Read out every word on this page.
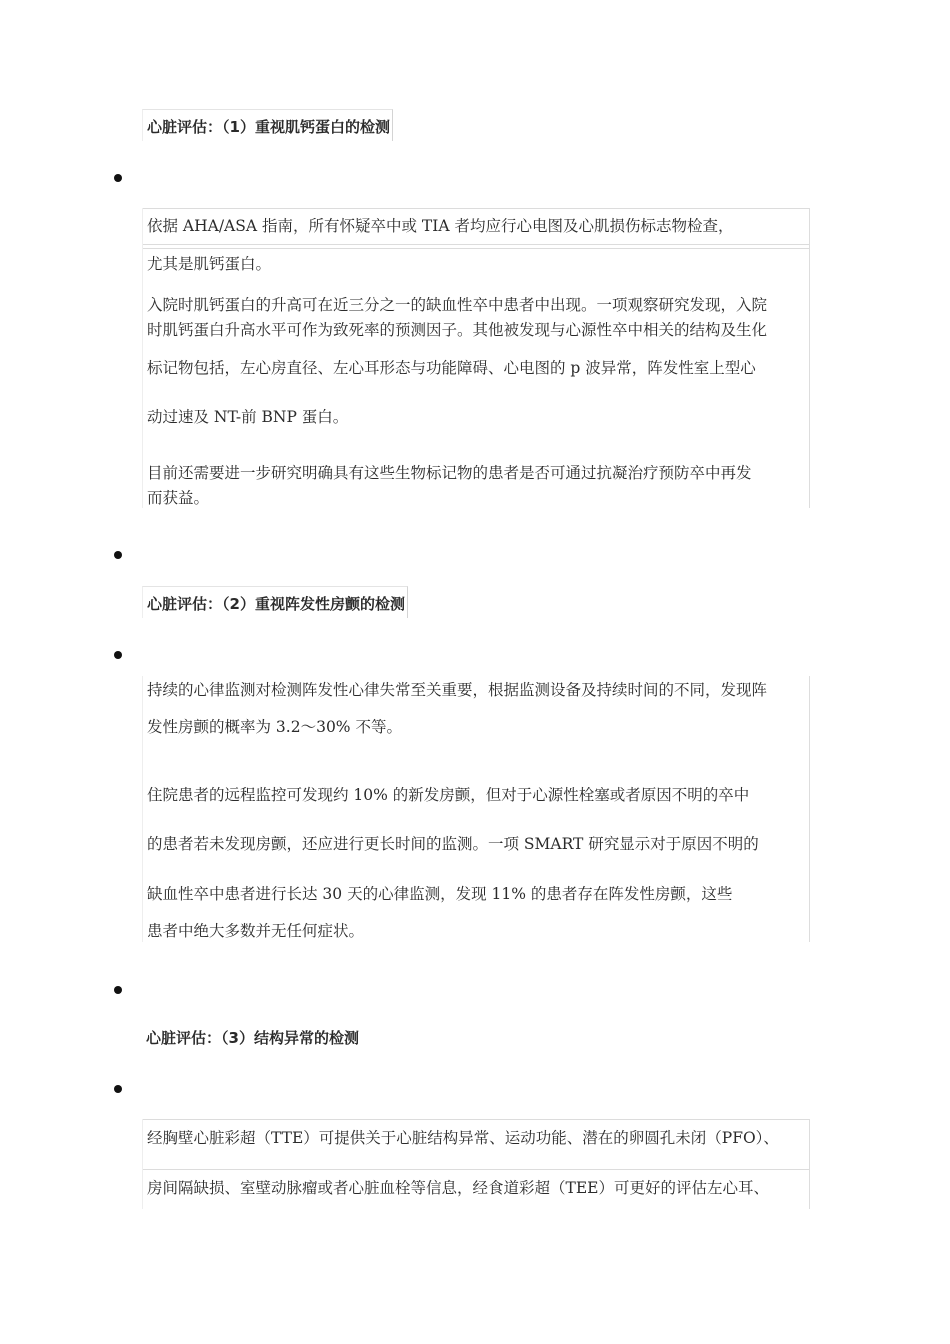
心脏评估：（1）重视肌钙蛋白的检测
依据 AHA/ASA 指南，所有怀疑卒中或 TIA 者均应行心电图及心肌损伤标志物检查，
尤其是肌钙蛋白。
入院时肌钙蛋白的升高可在近三分之一的缺血性卒中患者中出现。一项观察研究发现，入院
时肌钙蛋白升高水平可作为致死率的预测因子。其他被发现与心源性卒中相关的结构及生化
标记物包括，左心房直径、左心耳形态与功能障碍、心电图的 p 波异常，阵发性室上型心
动过速及 NT-前 BNP 蛋白。
目前还需要进一步研究明确具有这些生物标记物的患者是否可通过抗凝治疗预防卒中再发
而获益。
心脏评估：（2）重视阵发性房颤的检测
持续的心律监测对检测阵发性心律失常至关重要，根据监测设备及持续时间的不同，发现阵
发性房颤的概率为 3.2～30% 不等。
住院患者的远程监控可发现约 10% 的新发房颤，但对于心源性栓塞或者原因不明的卒中
的患者若未发现房颤，还应进行更长时间的监测。一项 SMART 研究显示对于原因不明的
缺血性卒中患者进行长达 30 天的心律监测，发现 11% 的患者存在阵发性房颤，这些
患者中绝大多数并无任何症状。
心脏评估：（3）结构异常的检测
经胸壁心脏彩超（TTE）可提供关于心脏结构异常、运动功能、潜在的卵圆孔未闭（PFO）、
房间隔缺损、室壁动脉瘤或者心脏血栓等信息，经食道彩超（TEE）可更好的评估左心耳、
